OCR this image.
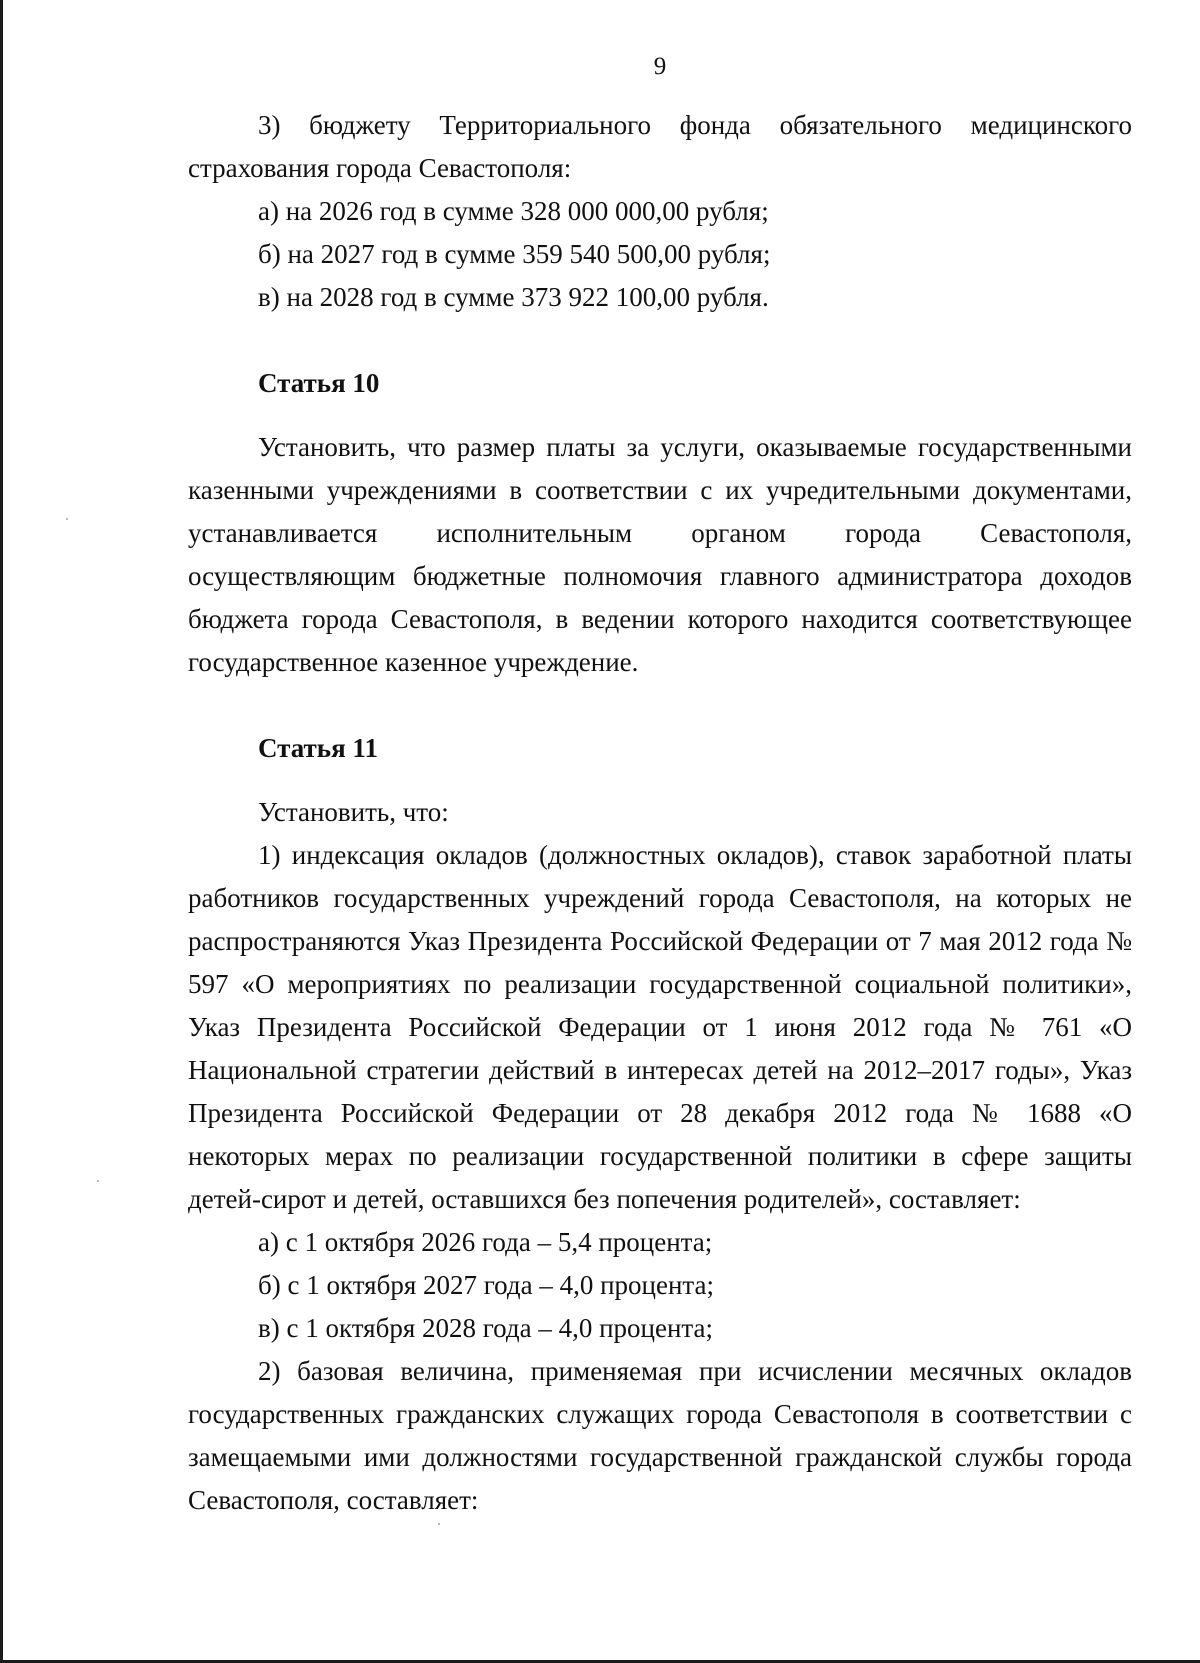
9

3) бюджету Территориального фонда обязательного медицинского страхования города Севастополя:

а) на 2026 год в сумме 328 000 000,00 рубля;

б) на 2027 год в сумме 359 540 500,00 рубля;

в) на 2028 год в сумме 373 922 100,00 рубля.

Статья 10

Установить, что размер платы за услуги, оказываемые государственными казенными учреждениями в соответствии с их учредительными документами, устанавливается исполнительным органом города Севастополя, осуществляющим бюджетные полномочия главного администратора доходов бюджета города Севастополя, в ведении которого находится соответствующее государственное казенное учреждение.

Статья 11

Установить, что:

1) индексация окладов (должностных окладов), ставок заработной платы работников государственных учреждений города Севастополя, на которых не распространяются Указ Президента Российской Федерации от 7 мая 2012 года № 597 «О мероприятиях по реализации государственной социальной политики», Указ Президента Российской Федерации от 1 июня 2012 года № 761 «О Национальной стратегии действий в интересах детей на 2012–2017 годы», Указ Президента Российской Федерации от 28 декабря 2012 года № 1688 «О некоторых мерах по реализации государственной политики в сфере защиты детей-сирот и детей, оставшихся без попечения родителей», составляет:

а) с 1 октября 2026 года – 5,4 процента;

б) с 1 октября 2027 года – 4,0 процента;

в) с 1 октября 2028 года – 4,0 процента;

2) базовая величина, применяемая при исчислении месячных окладов государственных гражданских служащих города Севастополя в соответствии с замещаемыми ими должностями государственной гражданской службы города Севастополя, составляет:
